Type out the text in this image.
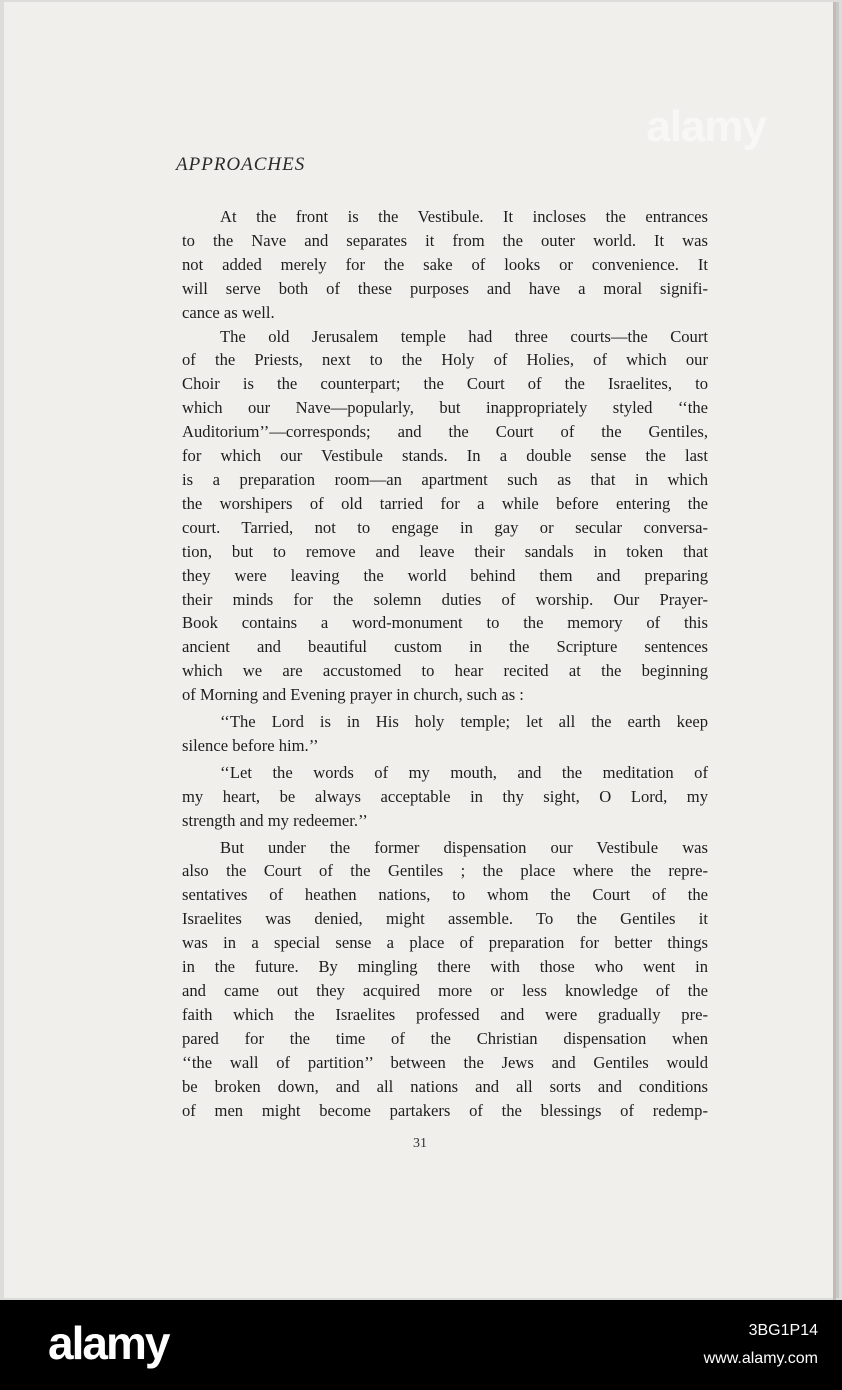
alamy
APPROACHES
At the front is the Vestibule. It incloses the entrances
to the Nave and separates it from the outer world. It was
not added merely for the sake of looks or convenience. It
will serve both of these purposes and have a moral signifi-
cance as well.
The old Jerusalem temple had three courts—the Court
of the Priests, next to the Holy of Holies, of which our
Choir is the counterpart; the Court of the Israelites, to
which our Nave—popularly, but inappropriately styled ‘‘the
Auditorium’’—corresponds; and the Court of the Gentiles,
for which our Vestibule stands. In a double sense the last
is a preparation room—an apartment such as that in which
the worshipers of old tarried for a while before entering the
court. Tarried, not to engage in gay or secular conversa-
tion, but to remove and leave their sandals in token that
they were leaving the world behind them and preparing
their minds for the solemn duties of worship. Our Prayer-
Book contains a word-monument to the memory of this
ancient and beautiful custom in the Scripture sentences
which we are accustomed to hear recited at the beginning
of Morning and Evening prayer in church, such as :
‘‘The Lord is in His holy temple; let all the earth keep
silence before him.’’
‘‘Let the words of my mouth, and the meditation of
my heart, be always acceptable in thy sight, O Lord, my
strength and my redeemer.’’
But under the former dispensation our Vestibule was
also the Court of the Gentiles ; the place where the repre-
sentatives of heathen nations, to whom the Court of the
Israelites was denied, might assemble. To the Gentiles it
was in a special sense a place of preparation for better things
in the future. By mingling there with those who went in
and came out they acquired more or less knowledge of the
faith which the Israelites professed and were gradually pre-
pared for the time of the Christian dispensation when
‘‘the wall of partition’’ between the Jews and Gentiles would
be broken down, and all nations and all sorts and conditions
of men might become partakers of the blessings of redemp-
31
alamy	3BG1P14
www.alamy.com
